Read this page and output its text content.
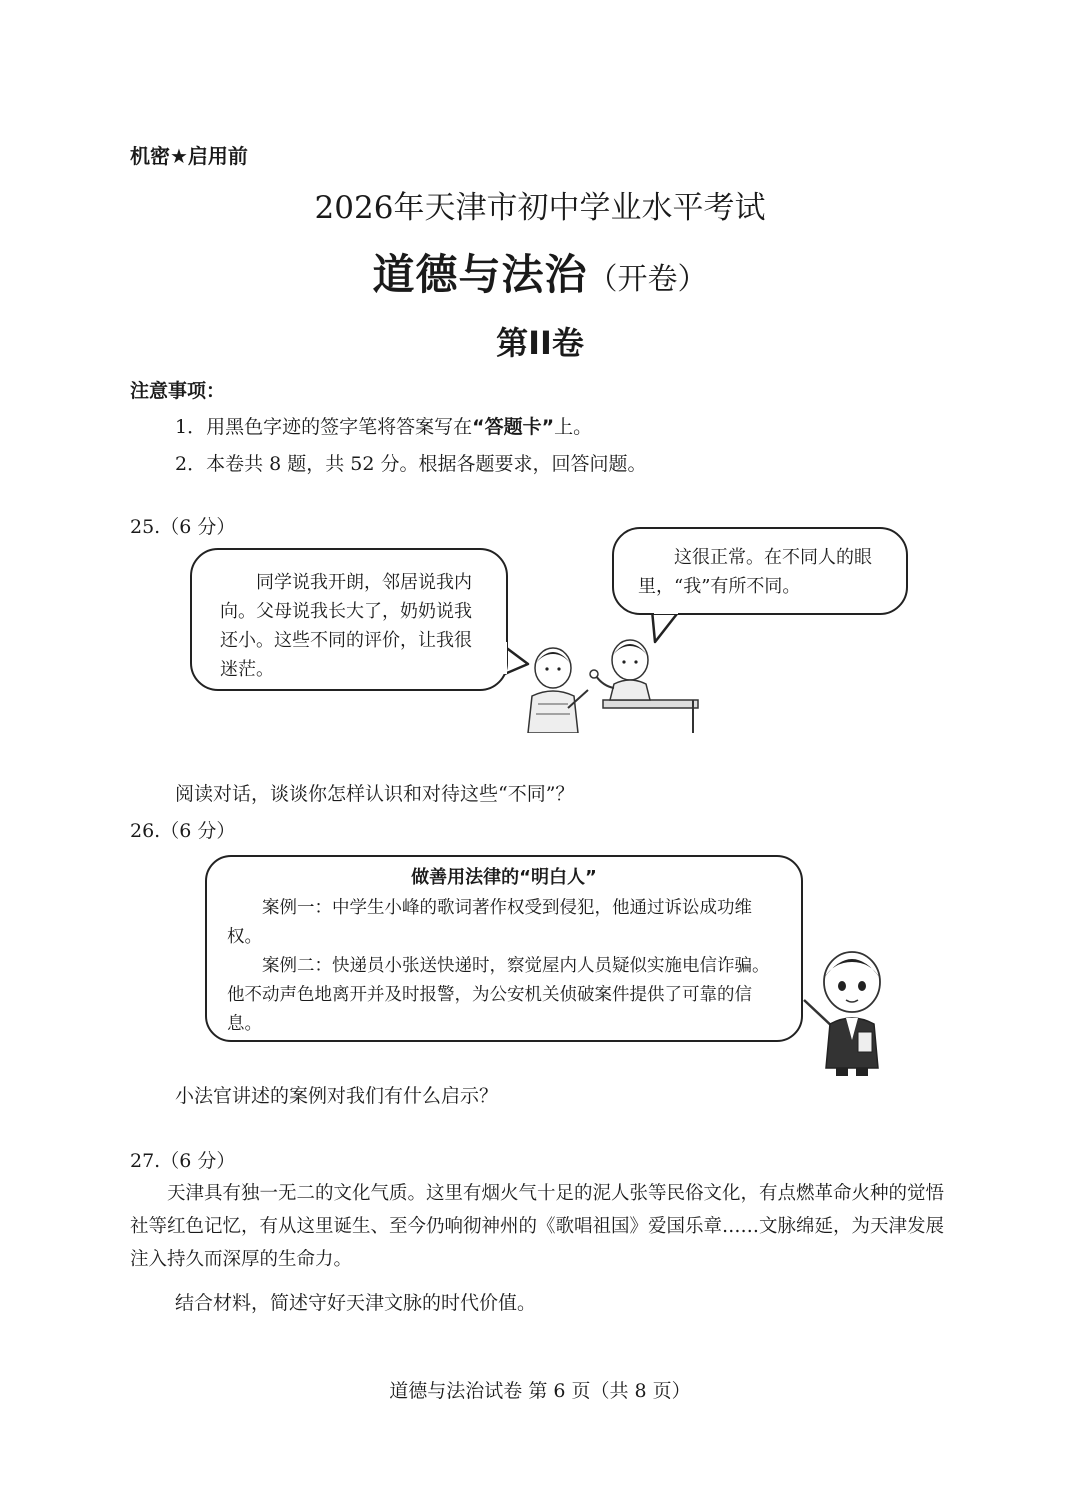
机密★启用前
2026年天津市初中学业水平考试
道德与法治（开卷）
第II卷
注意事项：
1．用黑色字迹的签字笔将答案写在“答题卡”上。
2．本卷共 8 题，共 52 分。根据各题要求，回答问题。
25.（6 分）
同学说我开朗，邻居说我内向。父母说我长大了，奶奶说我还小。这些不同的评价，让我很迷茫。
这很正常。在不同人的眼里，“我”有所不同。
阅读对话，谈谈你怎样认识和对待这些“不同”？
26.（6 分）
做善用法律的“明白人”
案例一：中学生小峰的歌词著作权受到侵犯，他通过诉讼成功维权。
案例二：快递员小张送快递时，察觉屋内人员疑似实施电信诈骗。他不动声色地离开并及时报警，为公安机关侦破案件提供了可靠的信息。
小法官讲述的案例对我们有什么启示？
27.（6 分）
天津具有独一无二的文化气质。这里有烟火气十足的泥人张等民俗文化，有点燃革命火种的觉悟社等红色记忆，有从这里诞生、至今仍响彻神州的《歌唱祖国》爱国乐章……文脉绵延，为天津发展注入持久而深厚的生命力。
结合材料，简述守好天津文脉的时代价值。
道德与法治试卷 第 6 页（共 8 页）
